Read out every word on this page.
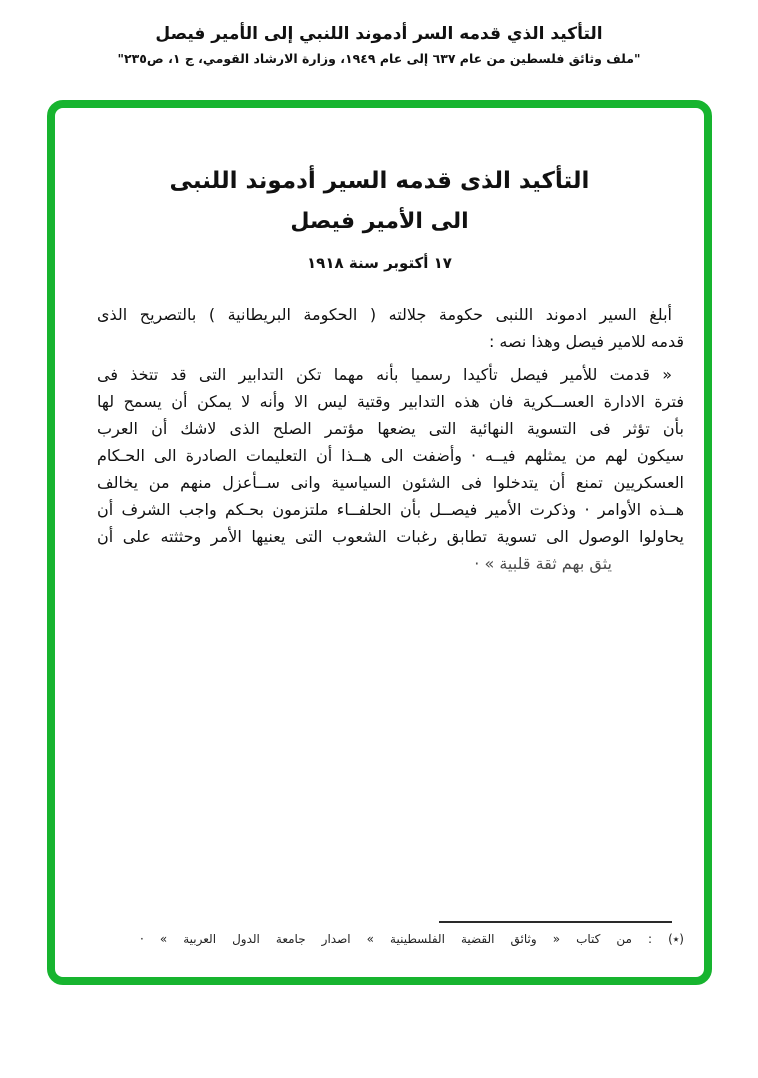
التأكيد الذي قدمه السر أدموند اللنبي إلى الأمير فيصل
"ملف وثائق فلسطين من عام ٦٣٧ إلى عام ١٩٤٩، وزارة الارشاد القومي، ج ١، ص٢٣٥"
التأكيد الذى قدمه السير أدموند اللنبى
الى الأمير فيصل
١٧ أكتوبر سنة ١٩١٨
أبلغ السير ادموند اللنبى حكومة جلالته ( الحكومة البريطانية ) بالتصريح الذى
قدمه للامير فيصل وهذا نصه :
« قدمت للأمير فيصل تأكيدا رسميا بأنه مهما تكن التدابير التى قد تتخذ فى
فترة الادارة العســكرية فان هذه التدابير وقتية ليس الا وأنه لا يمكن أن يسمح لها
بأن تؤثر فى التسوية النهائية التى يضعها مؤتمر الصلح الذى لاشك أن العرب
سيكون لهم من يمثلهم فيــه · وأضفت الى هــذا أن التعليمات الصادرة الى الحـكام
العسكريين تمنع أن يتدخلوا فى الشئون السياسية وانى ســأعزل منهم من يخالف
هــذه الأوامر · وذكرت الأمير فيصــل بأن الحلفــاء ملتزمون بحـكم واجب الشرف أن
يحاولوا الوصول الى تسوية تطابق رغبات الشعوب التى يعنيها الأمر وحثثته على أن
يثق بهم ثقة قلبية » ·
(٭) : من كتاب « وثائق القضية الفلسطينية » اصدار جامعة الدول العربية » ·
